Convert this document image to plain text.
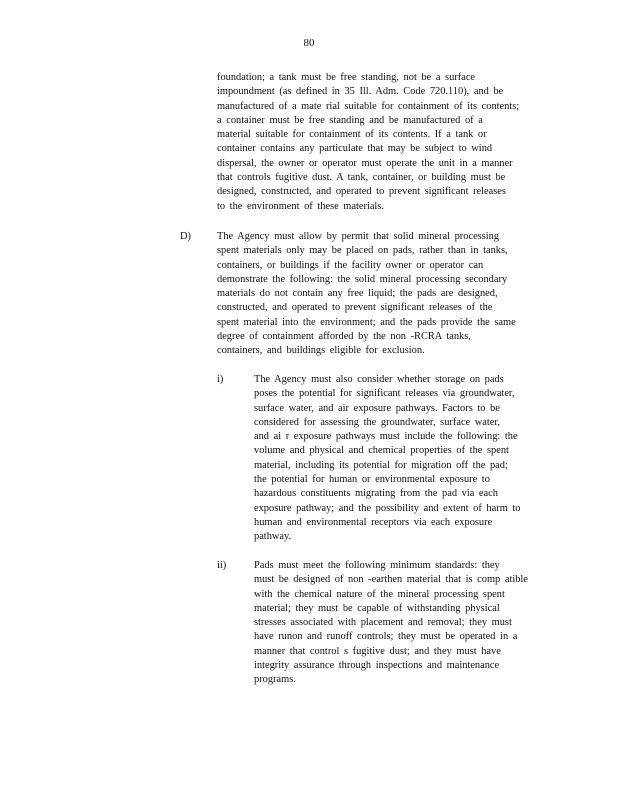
80
foundation; a tank must be free standing, not be a surface
impoundment (as defined in 35 Ill. Adm. Code 720.110), and be
manufactured of a mate rial suitable for containment of its contents;
a container must be free standing and be manufactured of a
material suitable for containment of its contents. If a tank or
container contains any particulate that may be subject to wind
dispersal, the owner or operator must operate the unit in a manner
that controls fugitive dust. A tank, container, or building must be
designed, constructed, and operated to prevent significant releases
to the environment of these materials.
D)	The Agency must allow by permit that solid mineral processing
spent materials only may be placed on pads, rather than in tanks,
containers, or buildings if the facility owner or operator can
demonstrate the following: the solid mineral processing secondary
materials do not contain any free liquid; the pads are designed,
constructed, and operated to prevent significant releases of the
spent material into the environment; and the pads provide the same
degree of containment afforded by the non -RCRA tanks,
containers, and buildings eligible for exclusion.
i)	The Agency must also consider whether storage on pads
poses the potential for significant releases via groundwater,
surface water, and air exposure pathways. Factors to be
considered for assessing the groundwater, surface water,
and ai r exposure pathways must include the following: the
volume and physical and chemical properties of the spent
material, including its potential for migration off the pad;
the potential for human or environmental exposure to
hazardous constituents migrating from the pad via each
exposure pathway; and the possibility and extent of harm to
human and environmental receptors via each exposure
pathway.
ii)	Pads must meet the following minimum standards: they
must be designed of non -earthen material that is comp atible
with the chemical nature of the mineral processing spent
material; they must be capable of withstanding physical
stresses associated with placement and removal; they must
have runon and runoff controls; they must be operated in a
manner that control s fugitive dust; and they must have
integrity assurance through inspections and maintenance
programs.
